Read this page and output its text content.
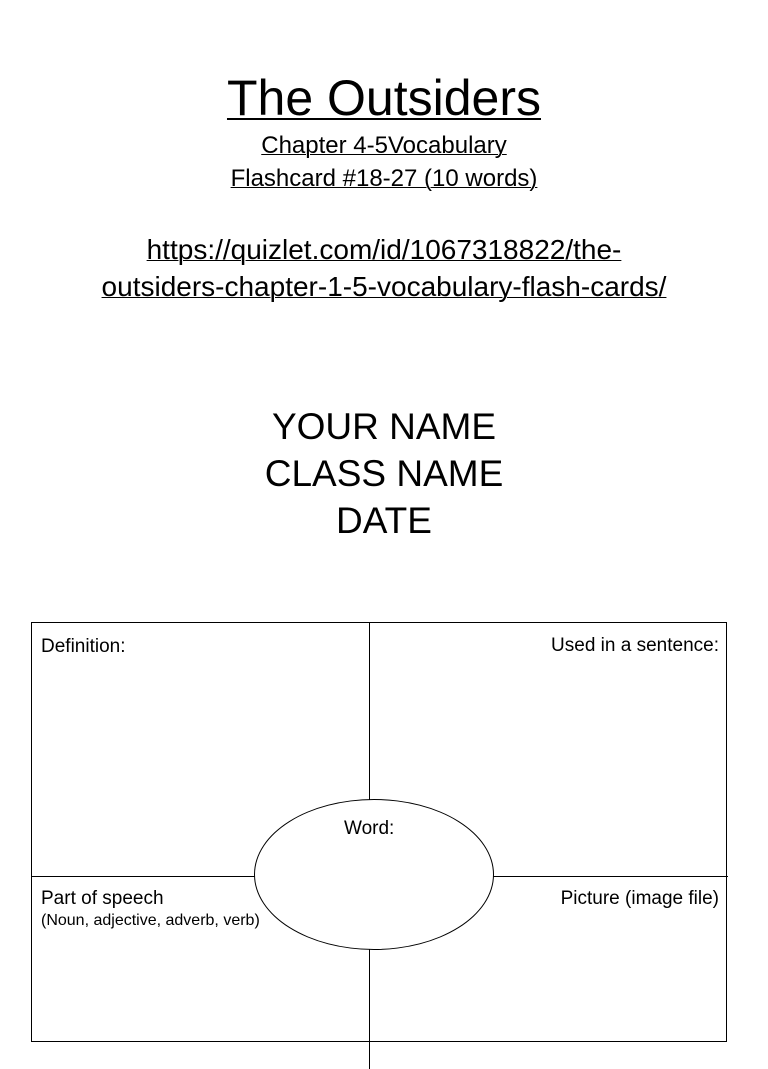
The Outsiders
Chapter 4-5Vocabulary
Flashcard #18-27 (10 words)
https://quizlet.com/id/1067318822/the-
outsiders-chapter-1-5-vocabulary-flash-cards/
YOUR NAME
CLASS NAME
DATE
Definition:	Used in a sentence:
Word:
Part of speech
(Noun, adjective, adverb, verb)
Picture (image file)
